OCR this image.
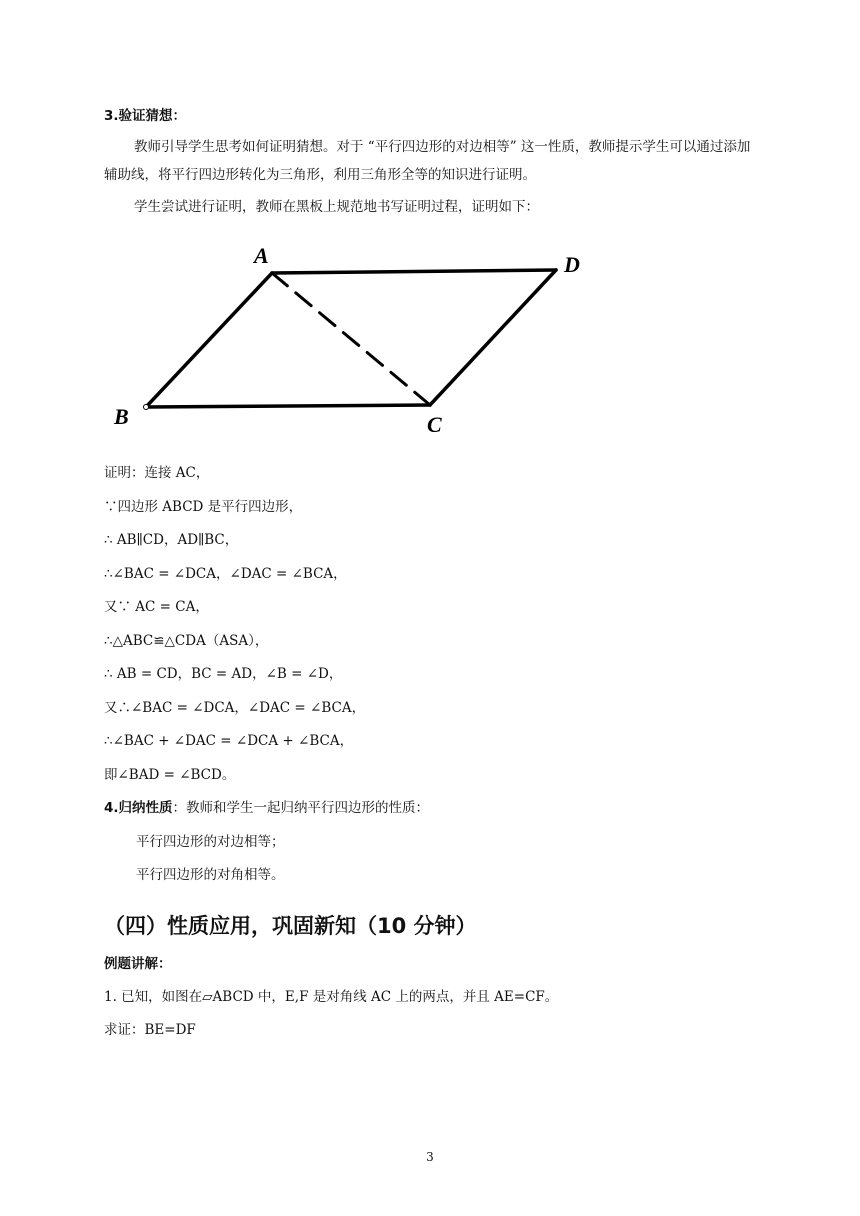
3.验证猜想：
教师引导学生思考如何证明猜想。对于 “平行四边形的对边相等” 这一性质，教师提示学生可以通过添加辅助线，将平行四边形转化为三角形，利用三角形全等的知识进行证明。
学生尝试进行证明，教师在黑板上规范地书写证明过程，证明如下：
A	D
B	C
证明：连接 AC，
∵四边形 ABCD 是平行四边形，
∴ AB∥CD，AD∥BC，
∴∠BAC = ∠DCA，∠DAC = ∠BCA，
又∵ AC = CA，
∴△ABC≌△CDA（ASA），
∴ AB = CD，BC = AD，∠B = ∠D，
又∴∠BAC = ∠DCA，∠DAC = ∠BCA，
∴∠BAC + ∠DAC = ∠DCA + ∠BCA，
即∠BAD = ∠BCD。
4.归纳性质：教师和学生一起归纳平行四边形的性质：
平行四边形的对边相等；
平行四边形的对角相等。
（四）性质应用，巩固新知（10 分钟）
例题讲解：
1. 已知，如图在▱ABCD 中，E,F 是对角线 AC 上的两点，并且 AE=CF。
求证：BE=DF
3
